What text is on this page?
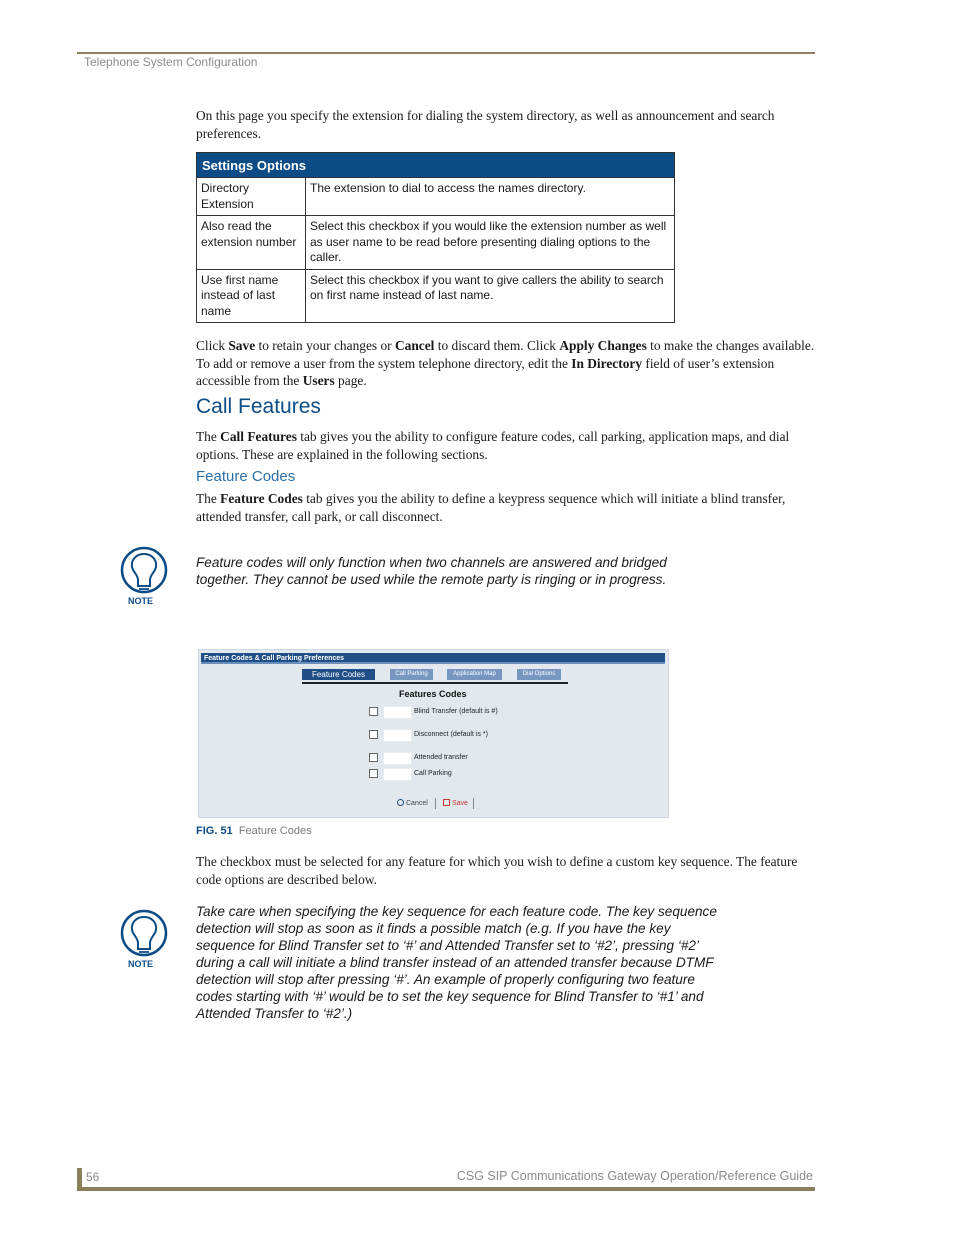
Telephone System Configuration

On this page you specify the extension for dialing the system directory, as well as announcement and search preferences.

Settings Options	
Directory Extension	The extension to dial to access the names directory.
Also read the extension number	Select this checkbox if you would like the extension number as well as user name to be read before presenting dialing options to the caller.
Use first name instead of last name	Select this checkbox if you want to give callers the ability to search on first name instead of last name.

Click Save to retain your changes or Cancel to discard them. Click Apply Changes to make the changes available. To add or remove a user from the system telephone directory, edit the In Directory field of user’s extension accessible from the Users page.

Call Features

The Call Features tab gives you the ability to configure feature codes, call parking, application maps, and dial options. These are explained in the following sections.

Feature Codes

The Feature Codes tab gives you the ability to define a keypress sequence which will initiate a blind transfer, attended transfer, call park, or call disconnect.

NOTE

Feature codes will only function when two channels are answered and bridged together. They cannot be used while the remote party is ringing or in progress.

Feature Codes & Call Parking Preferences
Feature Codes	Call Parking	Application Map	Dial Options
Features Codes
Blind Transfer (default is #)
Disconnect (default is *)
Attended transfer
Call Parking
Cancel	Save
FIG. 51 Feature Codes

The checkbox must be selected for any feature for which you wish to define a custom key sequence. The feature code options are described below.

NOTE

Take care when specifying the key sequence for each feature code. The key sequence detection will stop as soon as it finds a possible match (e.g. If you have the key sequence for Blind Transfer set to ‘#’ and Attended Transfer set to ‘#2’, pressing ‘#2’ during a call will initiate a blind transfer instead of an attended transfer because DTMF detection will stop after pressing ‘#’. An example of properly configuring two feature codes starting with ‘#’ would be to set the key sequence for Blind Transfer to ‘#1’ and Attended Transfer to ‘#2’.)

56	CSG SIP Communications Gateway Operation/Reference Guide
